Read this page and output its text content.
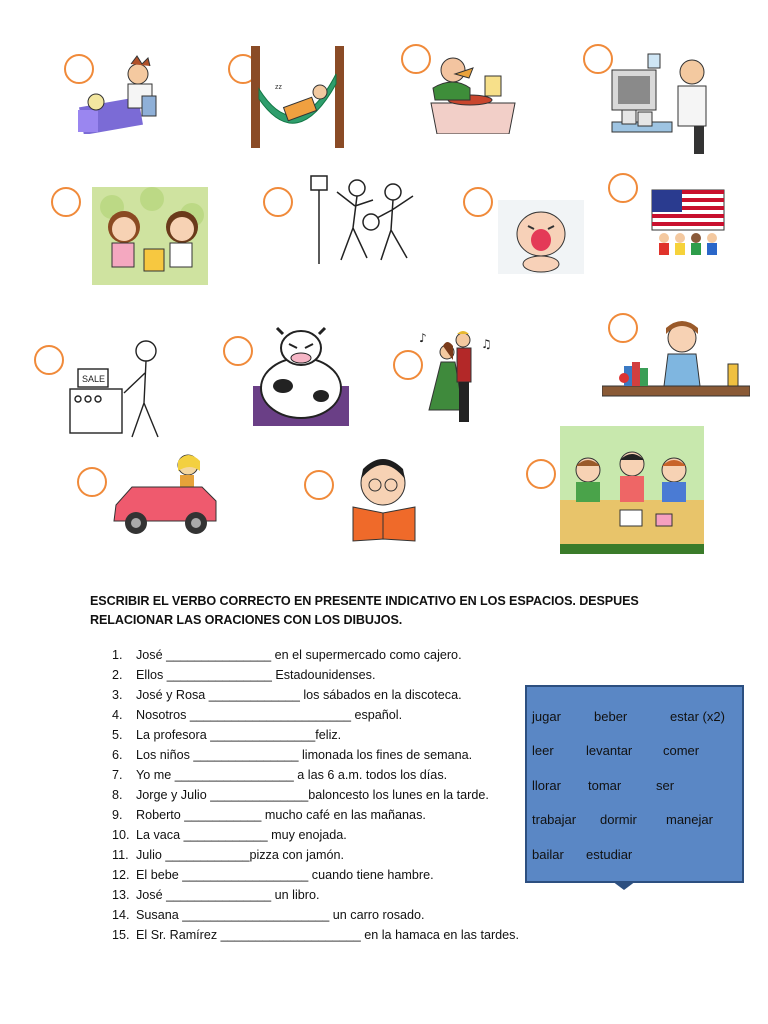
zz
SALE
♪	♫
ESCRIBIR EL VERBO CORRECTO EN PRESENTE INDICATIVO EN LOS ESPACIOS. DESPUES RELACIONAR LAS ORACIONES CON LOS DIBUJOS.
1. José _______________ en el supermercado como cajero.
2. Ellos _______________ Estadounidenses.
3. José y Rosa _____________ los sábados en la discoteca.
4. Nosotros _______________________ español.
5. La profesora _______________feliz.
6. Los niños _______________ limonada los fines de semana.
7. Yo me _________________ a las 6 a.m. todos los días.
8. Jorge y Julio ______________baloncesto los lunes en la tarde.
9. Roberto ___________ mucho café en las mañanas.
10. La vaca ____________ muy enojada.
11. Julio ____________pizza con jamón.
12. El bebe __________________ cuando tiene hambre.
13. José _______________ un libro.
14. Susana _____________________ un carro rosado.
15. El Sr. Ramírez ____________________ en la hamaca en las tardes.
jugar	beber	estar (x2)
leer levantar comer
llorar tomar	ser
trabajar dormir manejar
bailar estudiar
